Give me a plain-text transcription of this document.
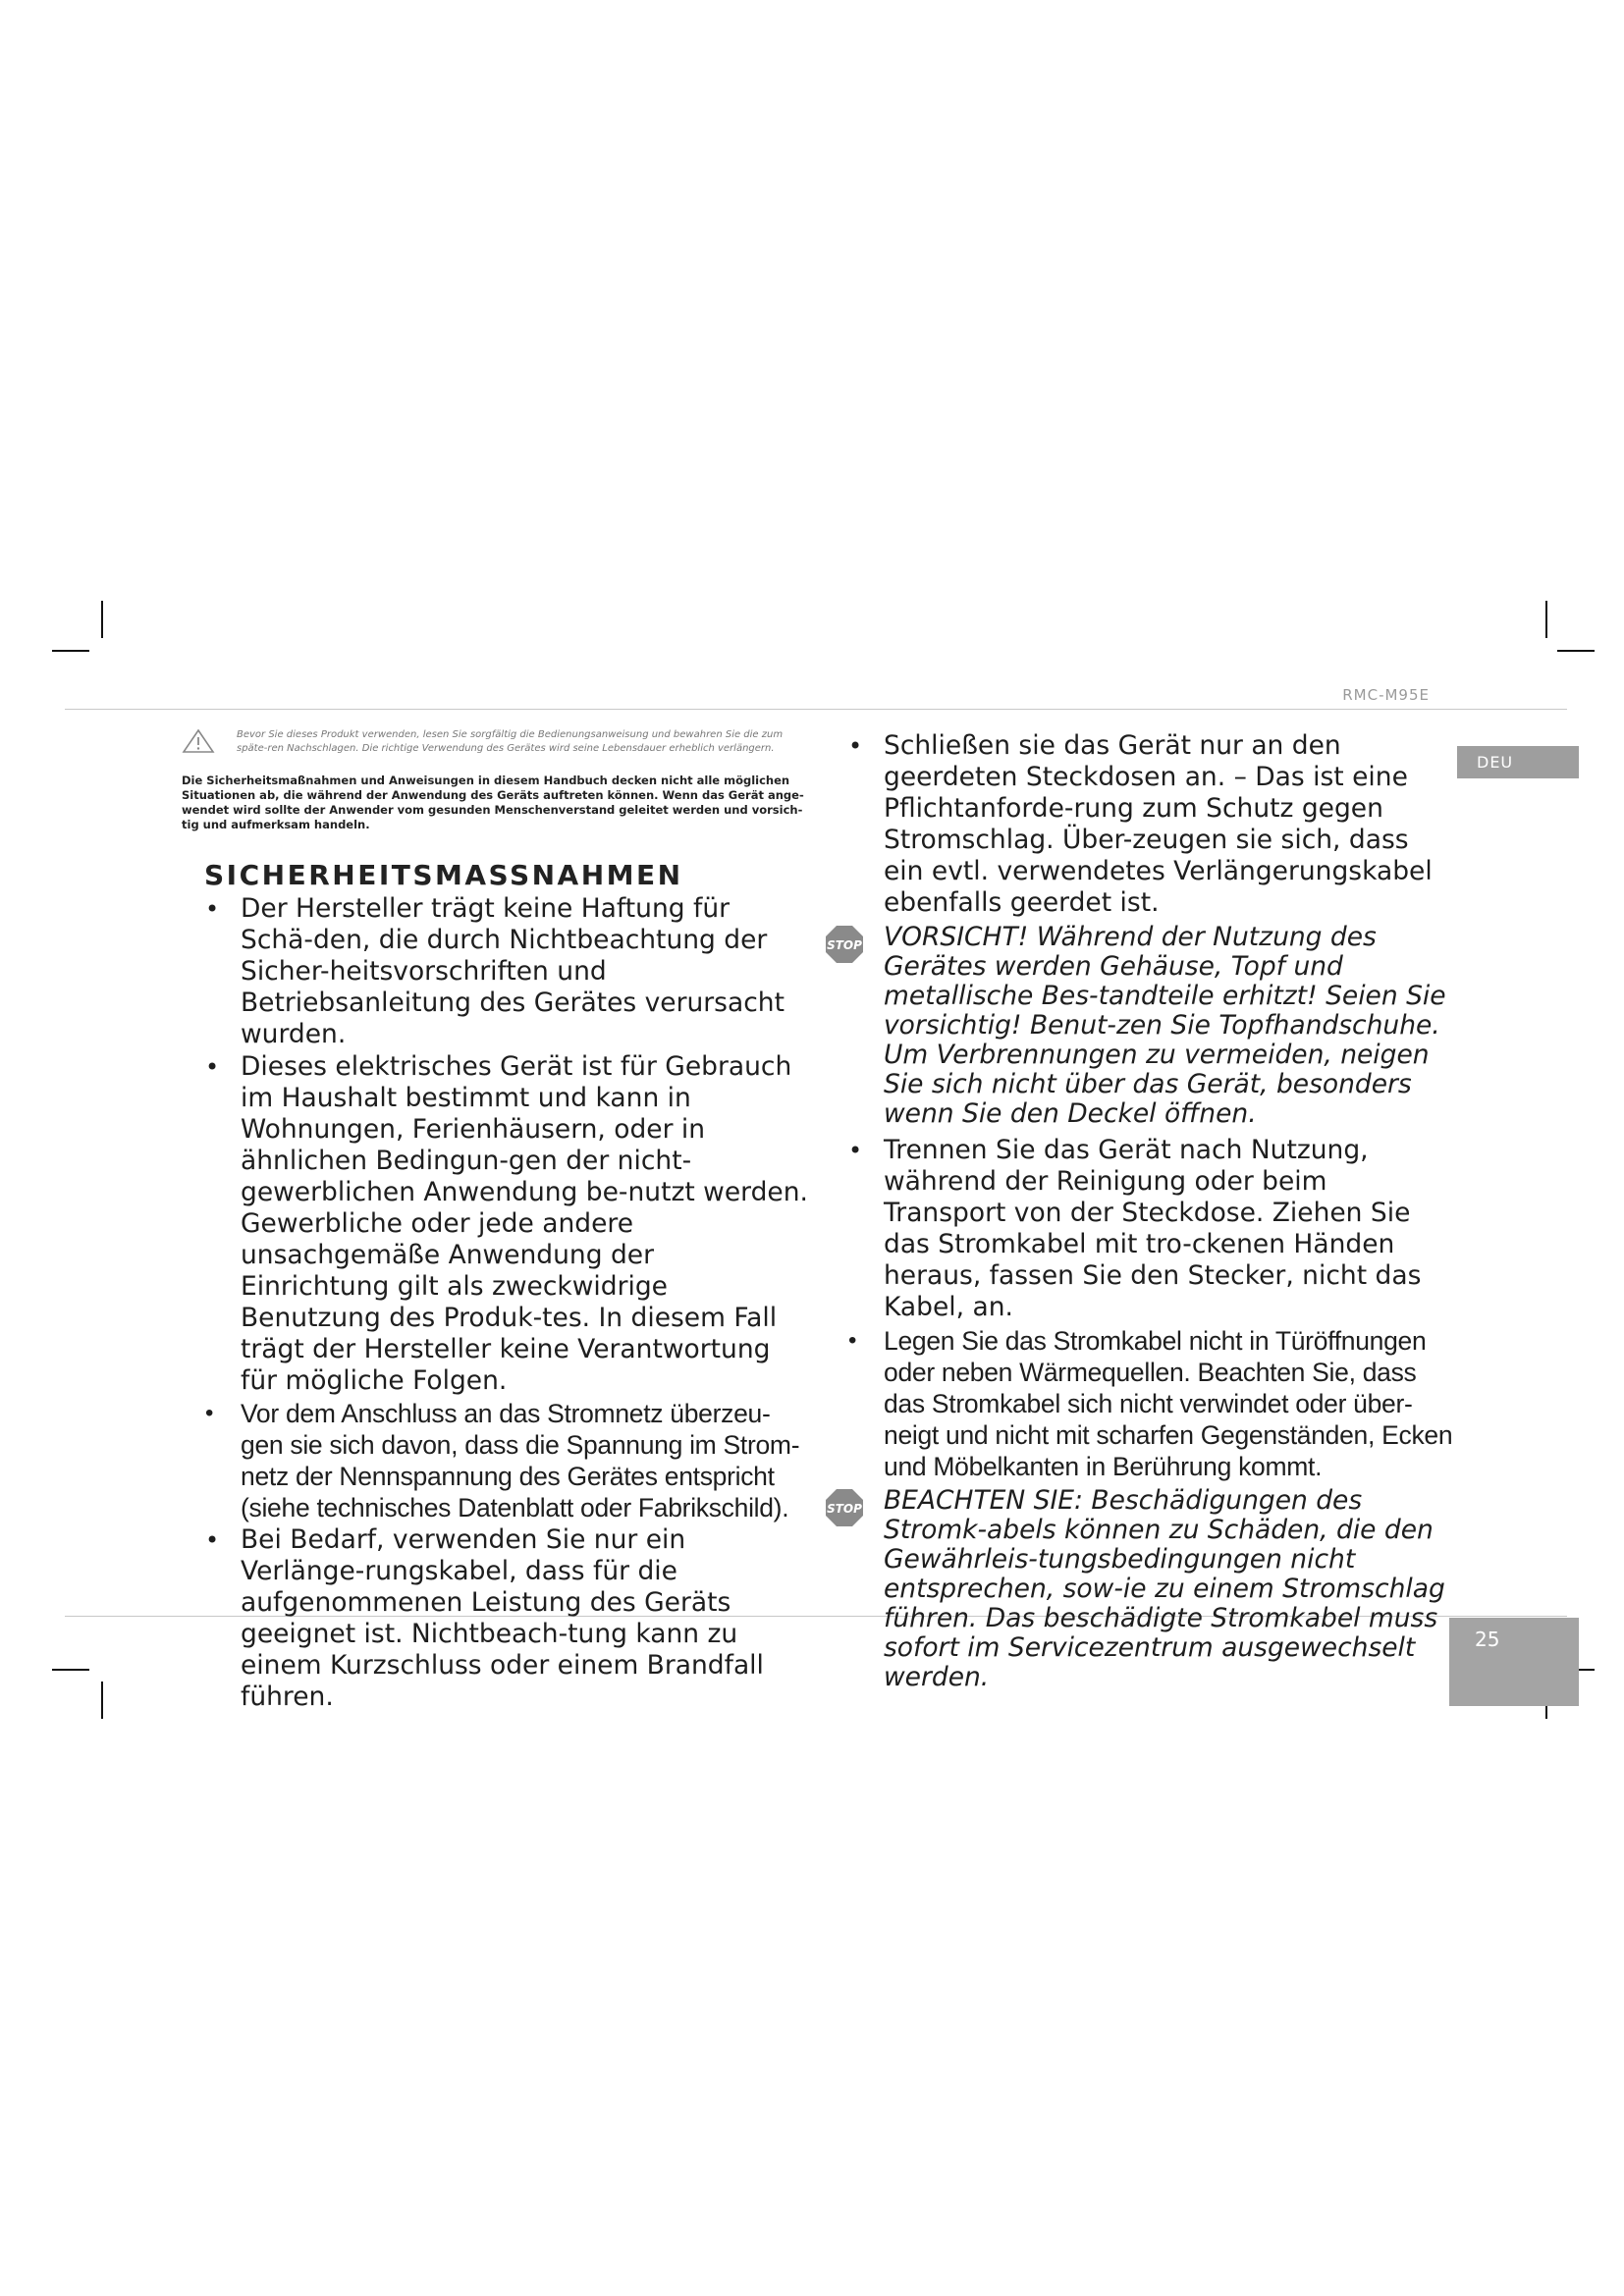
RMC-M95E
DEU
25
Bevor Sie dieses Produkt verwenden, lesen Sie sorgfältig die Bedienungsanweisung und bewahren Sie die zum späte-ren Nachschlagen. Die richtige Verwendung des Gerätes wird seine Lebensdauer erheblich verlängern.
Die Sicherheitsmaßnahmen und Anweisungen in diesem Handbuch decken nicht alle möglichen Situationen ab, die während der Anwendung des Geräts auftreten können. Wenn das Gerät ange-wendet wird sollte der Anwender vom gesunden Menschenverstand geleitet werden und vorsich-tig und aufmerksam handeln.
SICHERHEITSMASSNAHMEN
• Der Hersteller trägt keine Haftung für Schä-den, die durch Nichtbeachtung der Sicher-heitsvorschriften und Betriebsanleitung des Gerätes verursacht wurden.
• Dieses elektrisches Gerät ist für Gebrauch im Haushalt bestimmt und kann in Wohnungen, Ferienhäusern, oder in ähnlichen Bedingun-gen der nicht-gewerblichen Anwendung be-nutzt werden. Gewerbliche oder jede andere unsachgemäße Anwendung der Einrichtung gilt als zweckwidrige Benutzung des Produk-tes. In diesem Fall trägt der Hersteller keine Verantwortung für mögliche Folgen.
• Vor dem Anschluss an das Stromnetz überzeu-gen sie sich davon, dass die Spannung im Strom-netz der Nennspannung des Gerätes entspricht (siehe technisches Datenblatt oder Fabrikschild).
• Bei Bedarf, verwenden Sie nur ein Verlänge-rungskabel, dass für die aufgenommenen Leistung des Geräts geeignet ist. Nichtbeach-tung kann zu einem Kurzschluss oder einem Brandfall führen.
• Schließen sie das Gerät nur an den geerdeten Steckdosen an. – Das ist eine Pflichtanforde-rung zum Schutz gegen Stromschlag. Über-zeugen sie sich, dass ein evtl. verwendetes Verlängerungskabel ebenfalls geerdet ist.
STOP VORSICHT! Während der Nutzung des Gerätes werden Gehäuse, Topf und metallische Bes-tandteile erhitzt! Seien Sie vorsichtig! Benut-zen Sie Topfhandschuhe. Um Verbrennungen zu vermeiden, neigen Sie sich nicht über das Gerät, besonders wenn Sie den Deckel öffnen.
• Trennen Sie das Gerät nach Nutzung, während der Reinigung oder beim Transport von der Steckdose. Ziehen Sie das Stromkabel mit tro-ckenen Händen heraus, fassen Sie den Stecker, nicht das Kabel, an.
• Legen Sie das Stromkabel nicht in Türöffnungen oder neben Wärmequellen. Beachten Sie, dass das Stromkabel sich nicht verwindet oder über-neigt und nicht mit scharfen Gegenständen, Ecken und Möbelkanten in Berührung kommt.
STOP BEACHTEN SIE: Beschädigungen des Stromk-abels können zu Schäden, die den Gewährleis-tungsbedingungen nicht entsprechen, sow-ie zu einem Stromschlag führen. Das beschädigte Stromkabel muss sofort im Servicezentrum ausgewechselt werden.
